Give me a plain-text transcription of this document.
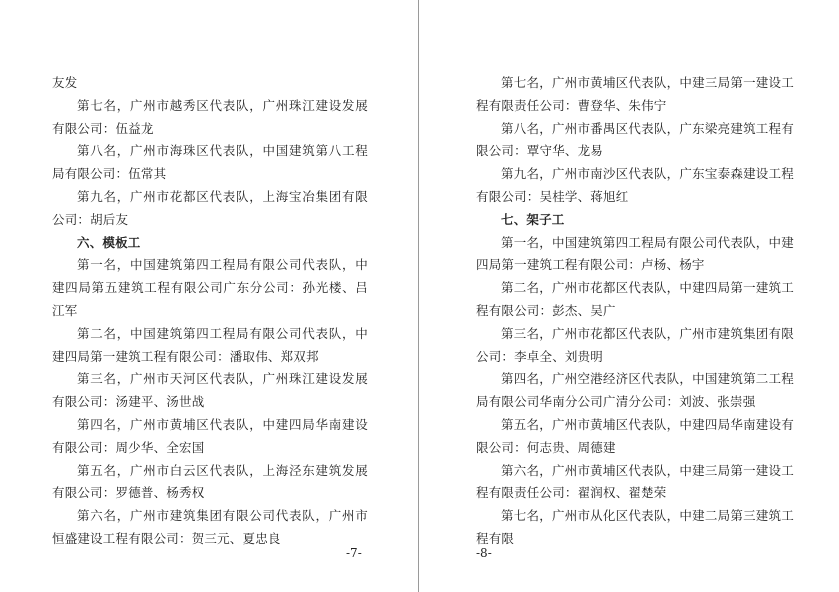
友发

第七名，广州市越秀区代表队，广州珠江建设发展有限公司：伍益龙

第八名，广州市海珠区代表队，中国建筑第八工程局有限公司：伍常其

第九名，广州市花都区代表队，上海宝冶集团有限公司：胡后友

六、模板工

第一名，中国建筑第四工程局有限公司代表队，中建四局第五建筑工程有限公司广东分公司：孙光楼、吕江军

第二名，中国建筑第四工程局有限公司代表队，中建四局第一建筑工程有限公司：潘取伟、郑双邦

第三名，广州市天河区代表队，广州珠江建设发展有限公司：汤建平、汤世战

第四名，广州市黄埔区代表队，中建四局华南建设有限公司：周少华、全宏国

第五名，广州市白云区代表队，上海泾东建筑发展有限公司：罗德普、杨秀权

第六名，广州市建筑集团有限公司代表队，广州市恒盛建设工程有限公司：贺三元、夏忠良

-7-

第七名，广州市黄埔区代表队，中建三局第一建设工程有限责任公司：曹登华、朱伟宁

第八名，广州市番禺区代表队，广东梁亮建筑工程有限公司：覃守华、龙易

第九名，广州市南沙区代表队，广东宝泰森建设工程有限公司：吴桂学、蒋旭红

七、架子工

第一名，中国建筑第四工程局有限公司代表队，中建四局第一建筑工程有限公司：卢杨、杨宇

第二名，广州市花都区代表队，中建四局第一建筑工程有限公司：彭杰、吴广

第三名，广州市花都区代表队，广州市建筑集团有限公司：李卓全、刘贵明

第四名，广州空港经济区代表队，中国建筑第二工程局有限公司华南分公司广清分公司：刘波、张崇强

第五名，广州市黄埔区代表队，中建四局华南建设有限公司：何志贵、周德建

第六名，广州市黄埔区代表队，中建三局第一建设工程有限责任公司：翟润权、翟楚荣

第七名，广州市从化区代表队，中建二局第三建筑工程有限

-8-
